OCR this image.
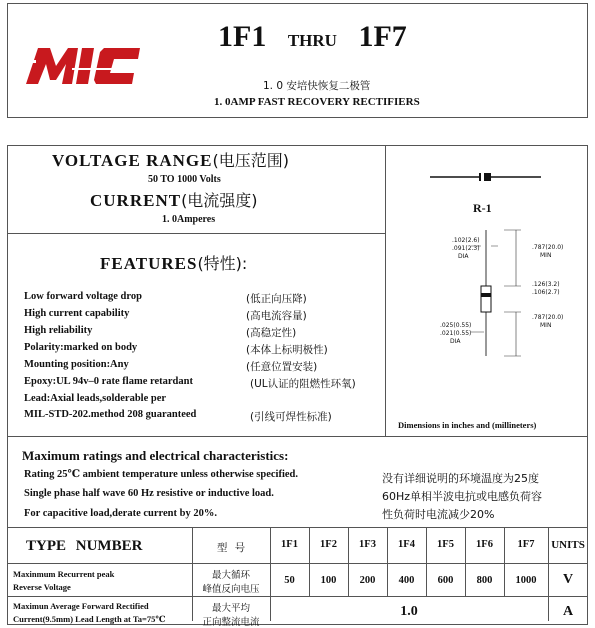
1F1 THRU 1F7
1. 0 安培快恢复二极管
1. 0AMP FAST RECOVERY RECTIFIERS
VOLTAGE RANGE(电压范围)
50 TO 1000 Volts
CURRENT(电流强度)
1. 0Amperes
FEATURES(特性):
Low forward voltage drop	(低正向压降)
High current capability	(高电流容量)
High reliability	(高稳定性)
Polarity:marked on body	(本体上标明极性)
Mounting position:Any	(任意位置安装)
Epoxy:UL 94v–0 rate flame retardant	(UL认证的阻燃性环氧)
Lead:Axial leads,solderable per
MIL-STD-202.method 208 guaranteed	(引线可焊性标准)
R-1
.102(2.6)
.091(2.3)
DIA
.787(20.0)
MIN
.126(3.2)
.106(2.7)
.787(20.0)
MIN
.025(0.55)
.021(0.55)
DIA
Dimensions in inches and (millineters)
Maximum ratings and electrical characteristics:
Rating 25℃ ambient temperature unless otherwise specified.
Single phase half wave 60 Hz resistive or inductive load.
For capacitive load,derate current by 20%.
没有详细说明的环境温度为25度
60Hz单相半波电抗或电感负荷容
性负荷时电流减少20%
TYPE NUMBER	型 号	1F1	1F2	1F3	1F4	1F5	1F6	1F7	UNITS
Maxinmum Recurrent peak
Reverse Voltage
最大循环
峰值反向电压
50	100	200	400	600	800	1000	V
Maximun Average Forward Rectified
Current(9.5mm) Lead Length at Ta=75℃
最大平均
正向整流电流
1.0	A
